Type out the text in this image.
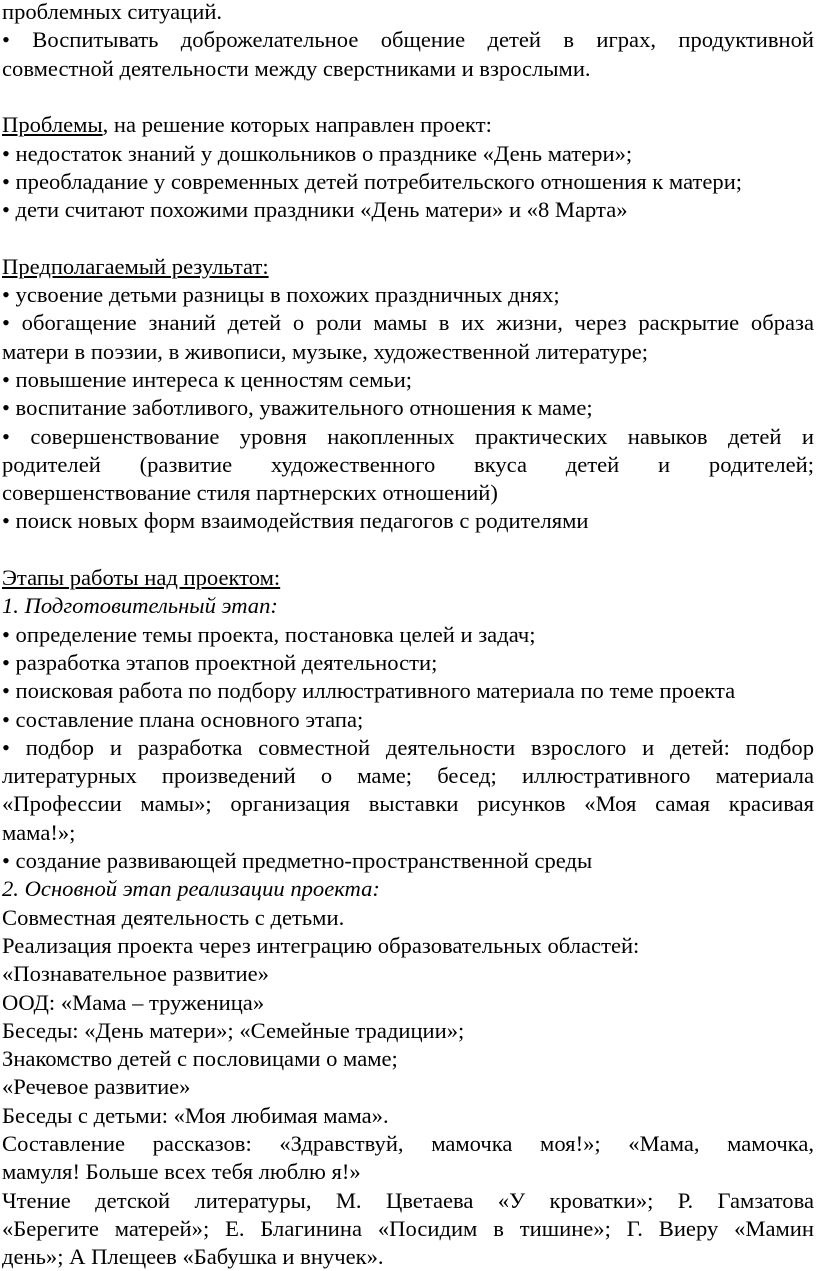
проблемных ситуаций.
• Воспитывать доброжелательное общение детей в играх, продуктивной
совместной деятельности между сверстниками и взрослыми.
Проблемы, на решение которых направлен проект:
• недостаток знаний у дошкольников о празднике «День матери»;
• преобладание у современных детей потребительского отношения к матери;
• дети считают похожими праздники «День матери» и «8 Марта»
Предполагаемый результат:
• усвоение детьми разницы в похожих праздничных днях;
• обогащение знаний детей о роли мамы в их жизни, через раскрытие образа
матери в поэзии, в живописи, музыке, художественной литературе;
• повышение интереса к ценностям семьи;
• воспитание заботливого, уважительного отношения к маме;
• совершенствование уровня накопленных практических навыков детей и
родителей (развитие художественного вкуса детей и родителей;
совершенствование стиля партнерских отношений)
• поиск новых форм взаимодействия педагогов с родителями
Этапы работы над проектом:
1. Подготовительный этап:
• определение темы проекта, постановка целей и задач;
• разработка этапов проектной деятельности;
• поисковая работа по подбору иллюстративного материала по теме проекта
• составление плана основного этапа;
• подбор и разработка совместной деятельности взрослого и детей: подбор
литературных произведений о маме; бесед; иллюстративного материала
«Профессии мамы»; организация выставки рисунков «Моя самая красивая
мама!»;
• создание развивающей предметно-пространственной среды
2. Основной этап реализации проекта:
Совместная деятельность с детьми.
Реализация проекта через интеграцию образовательных областей:
«Познавательное развитие»
ООД: «Мама – труженица»
Беседы: «День матери»; «Семейные традиции»;
Знакомство детей с пословицами о маме;
«Речевое развитие»
Беседы с детьми: «Моя любимая мама».
Составление рассказов: «Здравствуй, мамочка моя!»; «Мама, мамочка,
мамуля! Больше всех тебя люблю я!»
Чтение детской литературы, М. Цветаева «У кроватки»; Р. Гамзатова
«Берегите матерей»; Е. Благинина «Посидим в тишине»; Г. Виеру «Мамин
день»; А Плещеев «Бабушка и внучек».
